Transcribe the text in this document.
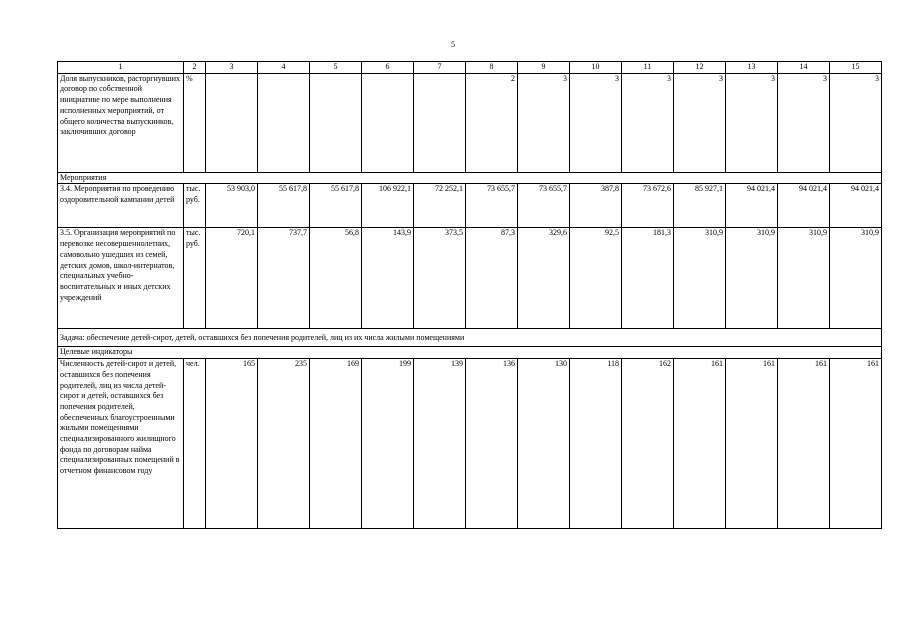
5
1	2	3	4	5	6	7	8	9	10	11	12	13	14	15
Доля выпускников, расторгнувших договор по собственной инициативе по мере выполнения исполненных мероприятий, от общего количества выпускников, заключивших договор	%						2	3	3	3	3	3	3	3
Мероприятия														
3.4. Мероприятия по проведению оздоровительной кампании детей	тыс. руб.	53 903,0	55 617,8	55 617,8	106 922,1	72 252,1	73 655,7	73 655,7	387,8	73 672,6	85 927,1	94 021,4	94 021,4	94 021,4
3.5. Организация мероприятий по перевозке несовершеннолетних, самовольно ушедших из семей, детских домов, школ-интернатов, специальных учебно-воспитательных и иных детских учреждений	тыс. руб.	720,1	737,7	56,8	143,9	373,5	87,3	329,6	92,5	181,3	310,9	310,9	310,9	310,9
Задача: обеспечение детей-сирот, детей, оставшихся без попечения родителей, лиц из их числа жилыми помещениями														
Целевые индикаторы														
Численность детей-сирот и детей, оставшихся без попечения родителей, лиц из числа детей-сирот и детей, оставшихся без попечения родителей, обеспеченных благоустроенными жилыми помещениями специализированного жилищного фонда по договорам найма специализированных помещений в отчетном финансовом году	чел.	165	235	169	199	139	136	130	118	162	161	161	161	161
